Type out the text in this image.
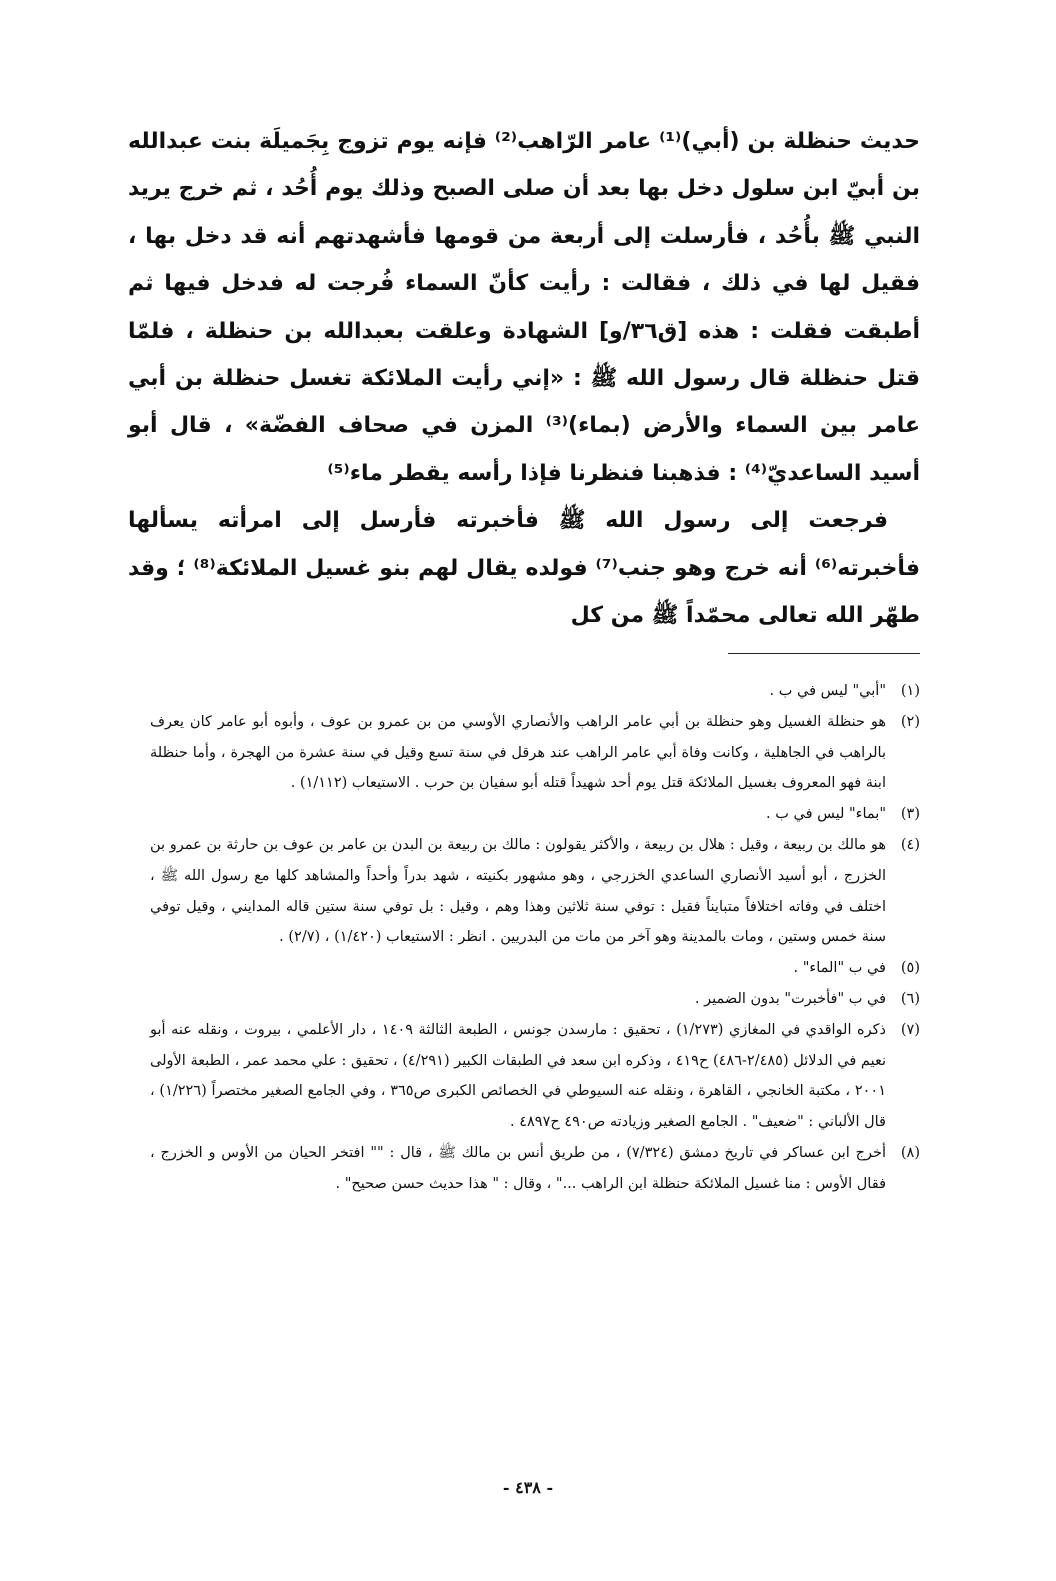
حديث حنظلة بن (أبي)⁽¹⁾ عامر الرّاهب⁽²⁾ فإنه يوم تزوج بِجَميلَة بنت عبدالله بن أبيّ ابن سلول دخل بها بعد أن صلى الصبح وذلك يوم أُحُد ، ثم خرج يريد النبي ﷺ بأُحُد ، فأرسلت إلى أربعة من قومها فأشهدتهم أنه قد دخل بها ، فقيل لها في ذلك ، فقالت : رأيت كأنّ السماء فُرجت له فدخل فيها ثم أطبقت فقلت : هذه [ق٣٦/و] الشهادة وعلقت بعبدالله بن حنظلة ، فلمّا قتل حنظلة قال رسول الله ﷺ : «إني رأيت الملائكة تغسل حنظلة بن أبي عامر بين السماء والأرض (بماء)⁽³⁾ المزن في صحاف الفضّة» ، قال أبو أسيد الساعديّ⁽⁴⁾ : فذهبنا فنظرنا فإذا رأسه يقطر ماء⁽⁵⁾

فرجعت إلى رسول الله ﷺ فأخبرته فأرسل إلى امرأته يسألها فأخبرته⁽⁶⁾ أنه خرج وهو جنب⁽⁷⁾ فولده يقال لهم بنو غسيل الملائكة⁽⁸⁾ ؛ وقد طهّر الله تعالى محمّداً ﷺ من كل

(١)
"أبي" ليس في ب .

(٢)
هو حنظلة الغسيل وهو حنظلة بن أبي عامر الراهب والأنصاري الأوسي من بن عمرو بن عوف ، وأبوه أبو عامر كان يعرف بالراهب في الجاهلية ، وكانت وفاة أبي عامر الراهب عند هرقل في سنة تسع وقيل في سنة عشرة من الهجرة ، وأما حنظلة ابنة فهو المعروف بغسيل الملائكة قتل يوم أحد شهيداً قتله أبو سفيان بن حرب . الاستيعاب (١/١١٢) .

(٣)
"بماء" ليس في ب .

(٤)
هو مالك بن ربيعة ، وقيل : هلال بن ربيعة ، والأكثر يقولون : مالك بن ربيعة بن البدن بن عامر بن عوف بن حارثة بن عمرو بن الخزرج ، أبو أسيد الأنصاري الساعدي الخزرجي ، وهو مشهور بكنيته ، شهد بدراً وأحداً والمشاهد كلها مع رسول الله ﷺ ، اختلف في وفاته اختلافاً متبايناً فقيل : توفي سنة ثلاثين وهذا وهم ، وقيل : بل توفي سنة ستين قاله المدايني ، وقيل توفي سنة خمس وستين ، ومات بالمدينة وهو آخر من مات من البدريين . انظر : الاستيعاب (١/٤٢٠) ، (٢/٧) .

(٥)
في ب "الماء" .

(٦)
في ب "فأخبرت" بدون الضمير .

(٧)
ذكره الواقدي في المغازي (١/٢٧٣) ، تحقيق : مارسدن جونس ، الطبعة الثالثة ١٤٠٩ ، دار الأعلمي ، بيروت ، ونقله عنه أبو نعيم في الدلائل (٢/٤٨٥-٤٨٦) ح٤١٩ ، وذكره ابن سعد في الطبقات الكبير (٤/٢٩١) ، تحقيق : علي محمد عمر ، الطبعة الأولى ٢٠٠١ ، مكتبة الخانجي ، القاهرة ، ونقله عنه السيوطي في الخصائص الكبرى ص٣٦٥ ، وفي الجامع الصغير مختصراً (١/٢٢٦) ، قال الألباني : "ضعيف" . الجامع الصغير وزيادته ص٤٩٠ ح٤٨٩٧ .

(٨)
أخرج ابن عساكر في تاريخ دمشق (٧/٣٢٤) ، من طريق أنس بن مالك ﷺ ، قال : "" افتخر الحيان من الأوس و الخزرج ، فقال الأوس : منا غسيل الملائكة حنظلة ابن الراهب ..." ، وقال : " هذا حديث حسن صحيح" .

- ٤٣٨ -
